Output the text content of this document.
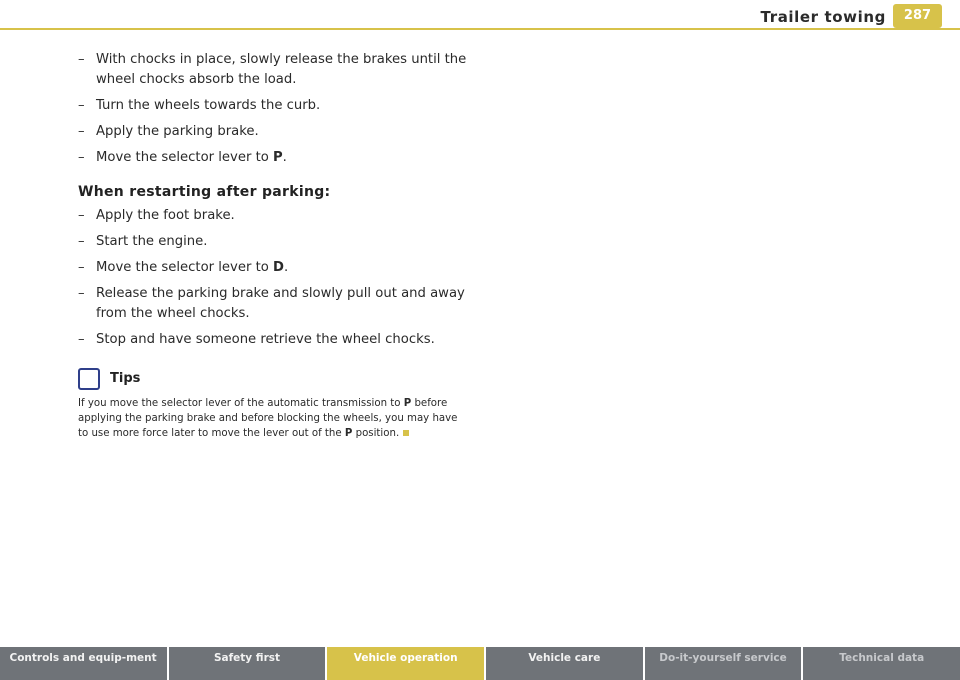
Trailer towing	287
– With chocks in place, slowly release the brakes until the wheel chocks absorb the load.
– Turn the wheels towards the curb.
– Apply the parking brake.
– Move the selector lever to P.
When restarting after parking:
– Apply the foot brake.
– Start the engine.
– Move the selector lever to D.
– Release the parking brake and slowly pull out and away from the wheel chocks.
– Stop and have someone retrieve the wheel chocks.
Tips
If you move the selector lever of the automatic transmission to P before applying the parking brake and before blocking the wheels, you may have to use more force later to move the lever out of the P position.
Controls and equip-ment	Safety first	Vehicle operation	Vehicle care	Do-it-yourself service	Technical data
